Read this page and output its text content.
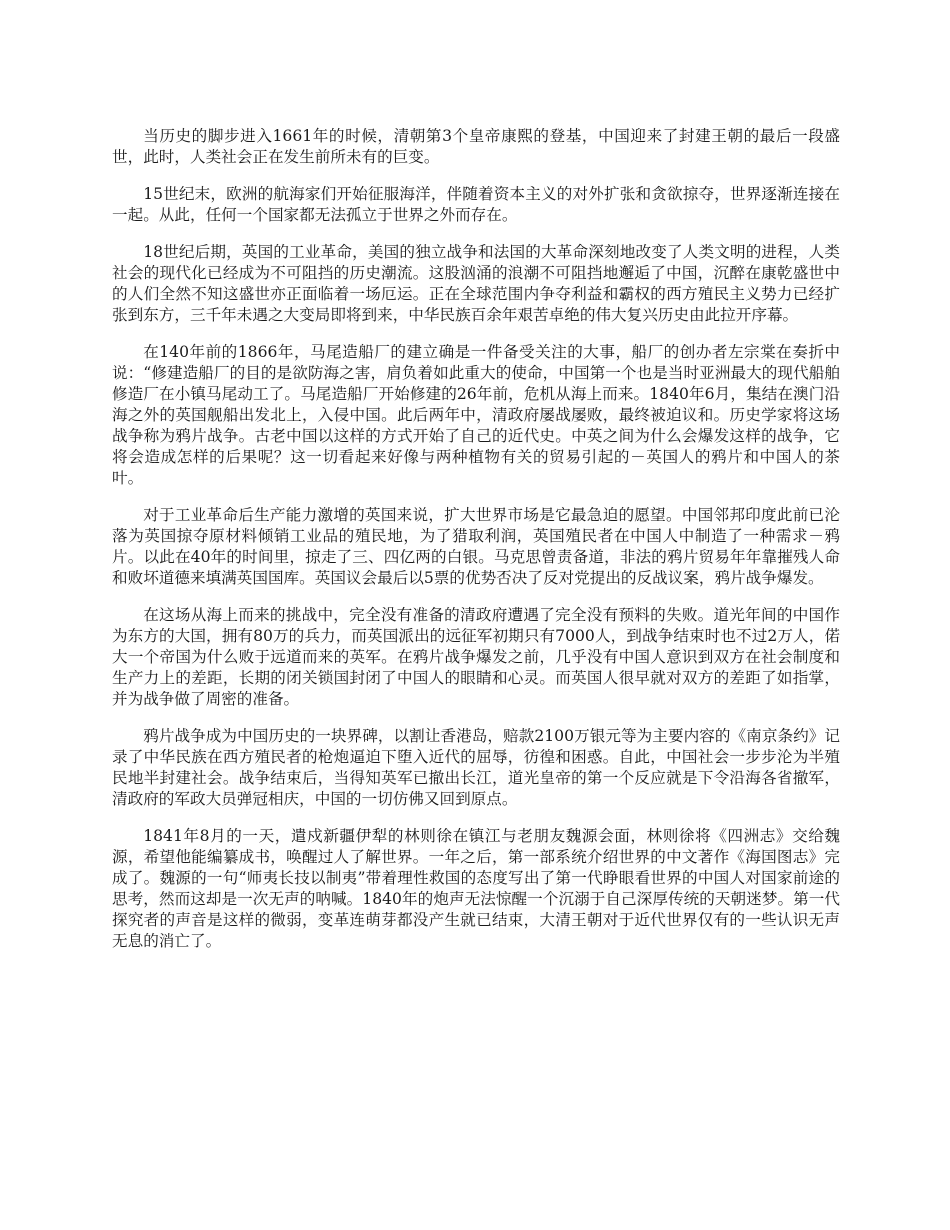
当历史的脚步进入1661年的时候，清朝第3个皇帝康熙的登基，中国迎来了封建王朝的最后一段盛世，此时，人类社会正在发生前所未有的巨变。

15世纪末，欧洲的航海家们开始征服海洋，伴随着资本主义的对外扩张和贪欲掠夺，世界逐渐连接在一起。从此，任何一个国家都无法孤立于世界之外而存在。

18世纪后期，英国的工业革命，美国的独立战争和法国的大革命深刻地改变了人类文明的进程，人类社会的现代化已经成为不可阻挡的历史潮流。这股汹涌的浪潮不可阻挡地邂逅了中国，沉醉在康乾盛世中的人们全然不知这盛世亦正面临着一场厄运。正在全球范围内争夺利益和霸权的西方殖民主义势力已经扩张到东方，三千年未遇之大变局即将到来，中华民族百余年艰苦卓绝的伟大复兴历史由此拉开序幕。

在140年前的1866年，马尾造船厂的建立确是一件备受关注的大事，船厂的创办者左宗棠在奏折中说：“修建造船厂的目的是欲防海之害，肩负着如此重大的使命，中国第一个也是当时亚洲最大的现代船舶修造厂在小镇马尾动工了。马尾造船厂开始修建的26年前，危机从海上而来。1840年6月，集结在澳门沿海之外的英国舰船出发北上，入侵中国。此后两年中，清政府屡战屡败，最终被迫议和。历史学家将这场战争称为鸦片战争。古老中国以这样的方式开始了自己的近代史。中英之间为什么会爆发这样的战争，它将会造成怎样的后果呢？这一切看起来好像与两种植物有关的贸易引起的－英国人的鸦片和中国人的茶叶。

对于工业革命后生产能力激增的英国来说，扩大世界市场是它最急迫的愿望。中国邻邦印度此前已沦落为英国掠夺原材料倾销工业品的殖民地，为了猎取利润，英国殖民者在中国人中制造了一种需求－鸦片。以此在40年的时间里，掠走了三、四亿两的白银。马克思曾责备道，非法的鸦片贸易年年靠摧残人命和败坏道德来填满英国国库。英国议会最后以5票的优势否决了反对党提出的反战议案，鸦片战争爆发。

在这场从海上而来的挑战中，完全没有准备的清政府遭遇了完全没有预料的失败。道光年间的中国作为东方的大国，拥有80万的兵力，而英国派出的远征军初期只有7000人，到战争结束时也不过2万人，偌大一个帝国为什么败于远道而来的英军。在鸦片战争爆发之前，几乎没有中国人意识到双方在社会制度和生产力上的差距，长期的闭关锁国封闭了中国人的眼睛和心灵。而英国人很早就对双方的差距了如指掌，并为战争做了周密的准备。

鸦片战争成为中国历史的一块界碑，以割让香港岛，赔款2100万银元等为主要内容的《南京条约》记录了中华民族在西方殖民者的枪炮逼迫下堕入近代的屈辱，彷徨和困惑。自此，中国社会一步步沦为半殖民地半封建社会。战争结束后，当得知英军已撤出长江，道光皇帝的第一个反应就是下令沿海各省撤军，清政府的军政大员弹冠相庆，中国的一切仿佛又回到原点。

1841年8月的一天，遣戍新疆伊犁的林则徐在镇江与老朋友魏源会面，林则徐将《四洲志》交给魏源，希望他能编纂成书，唤醒过人了解世界。一年之后，第一部系统介绍世界的中文著作《海国图志》完成了。魏源的一句“师夷长技以制夷”带着理性救国的态度写出了第一代睁眼看世界的中国人对国家前途的思考，然而这却是一次无声的呐喊。1840年的炮声无法惊醒一个沉溺于自己深厚传统的天朝迷梦。第一代探究者的声音是这样的微弱，变革连萌芽都没产生就已结束，大清王朝对于近代世界仅有的一些认识无声无息的消亡了。
